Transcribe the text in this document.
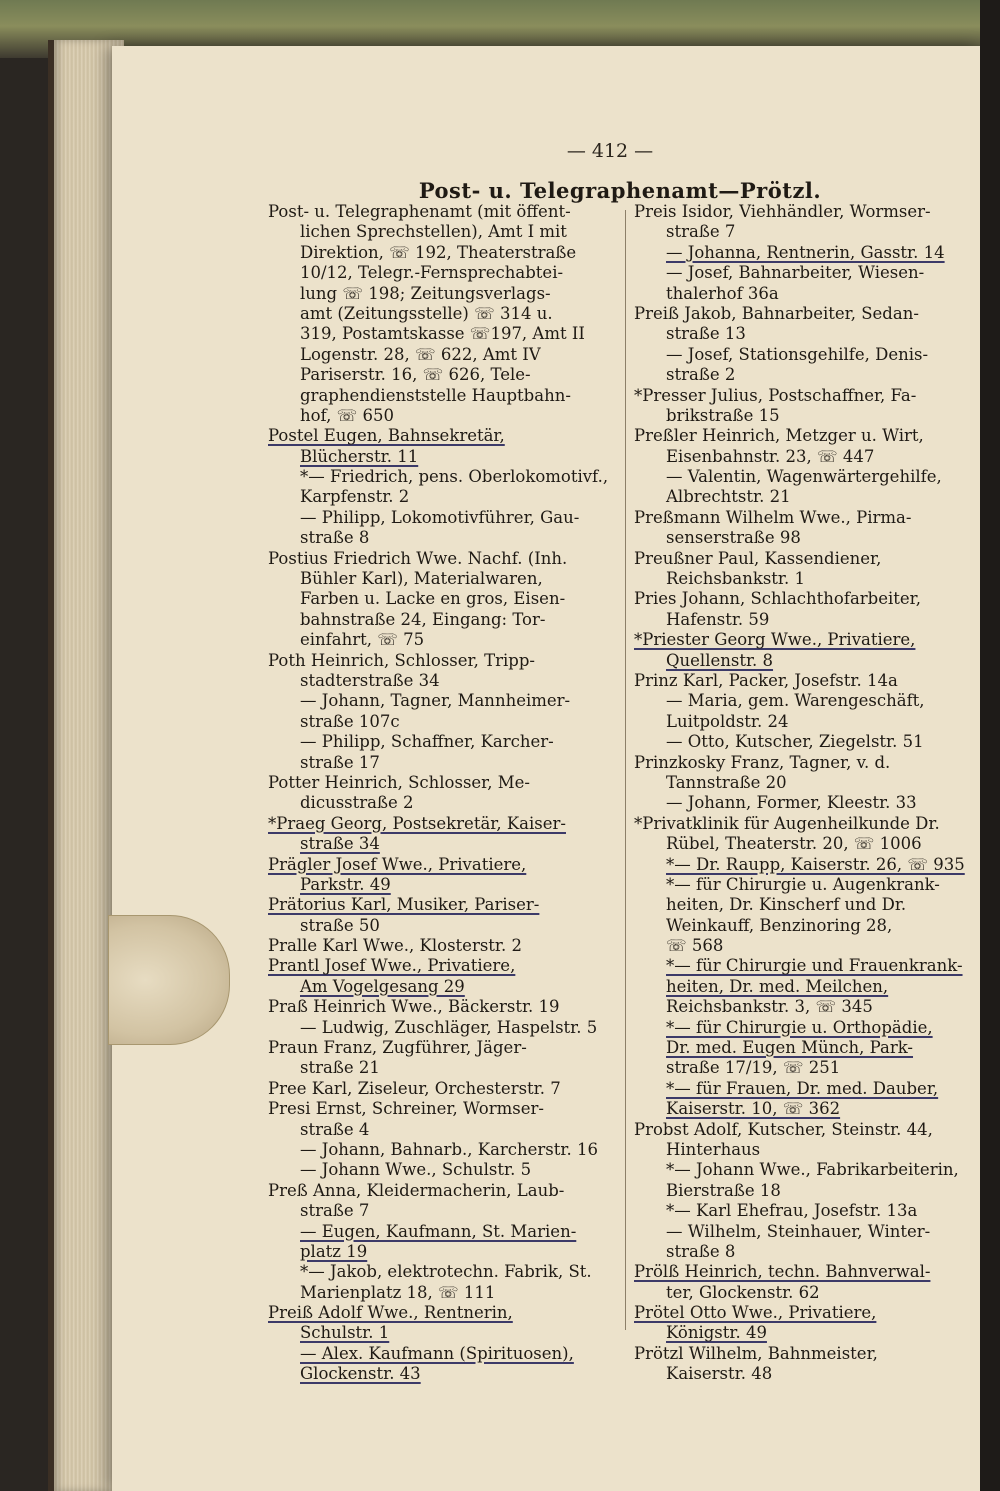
— 412 —
Post- u. Telegraphenamt—Prötzl.
Post- u. Telegraphenamt (mit öffent-
lichen Sprechstellen), Amt I mit
Direktion, ☏ 192, Theaterstraße
10/12, Telegr.-Fernsprechabtei-
lung ☏ 198; Zeitungsverlags-
amt (Zeitungsstelle) ☏ 314 u.
319, Postamtskasse ☏197, Amt II
Logenstr. 28, ☏ 622, Amt IV
Pariserstr. 16, ☏ 626, Tele-
graphendienststelle Hauptbahn-
hof, ☏ 650
Postel Eugen, Bahnsekretär,
Blücherstr. 11
*— Friedrich, pens. Oberlokomotivf.,
Karpfenstr. 2
— Philipp, Lokomotivführer, Gau-
straße 8
Postius Friedrich Wwe. Nachf. (Inh.
Bühler Karl), Materialwaren,
Farben u. Lacke en gros, Eisen-
bahnstraße 24, Eingang: Tor-
einfahrt, ☏ 75
Poth Heinrich, Schlosser, Tripp-
stadterstraße 34
— Johann, Tagner, Mannheimer-
straße 107c
— Philipp, Schaffner, Karcher-
straße 17
Potter Heinrich, Schlosser, Me-
dicusstraße 2
*Praeg Georg, Postsekretär, Kaiser-
straße 34
Prägler Josef Wwe., Privatiere,
Parkstr. 49
Prätorius Karl, Musiker, Pariser-
straße 50
Pralle Karl Wwe., Klosterstr. 2
Prantl Josef Wwe., Privatiere,
Am Vogelgesang 29
Praß Heinrich Wwe., Bäckerstr. 19
— Ludwig, Zuschläger, Haspelstr. 5
Praun Franz, Zugführer, Jäger-
straße 21
Pree Karl, Ziseleur, Orchesterstr. 7
Presi Ernst, Schreiner, Wormser-
straße 4
— Johann, Bahnarb., Karcherstr. 16
— Johann Wwe., Schulstr. 5
Preß Anna, Kleidermacherin, Laub-
straße 7
— Eugen, Kaufmann, St. Marien-
platz 19
*— Jakob, elektrotechn. Fabrik, St.
Marienplatz 18, ☏ 111
Preiß Adolf Wwe., Rentnerin,
Schulstr. 1
— Alex. Kaufmann (Spirituosen),
Glockenstr. 43
Preis Isidor, Viehhändler, Wormser-
straße 7
— Johanna, Rentnerin, Gasstr. 14
— Josef, Bahnarbeiter, Wiesen-
thalerhof 36a
Preiß Jakob, Bahnarbeiter, Sedan-
straße 13
— Josef, Stationsgehilfe, Denis-
straße 2
*Presser Julius, Postschaffner, Fa-
brikstraße 15
Preßler Heinrich, Metzger u. Wirt,
Eisenbahnstr. 23, ☏ 447
— Valentin, Wagenwärtergehilfe,
Albrechtstr. 21
Preßmann Wilhelm Wwe., Pirma-
senserstraße 98
Preußner Paul, Kassendiener,
Reichsbankstr. 1
Pries Johann, Schlachthofarbeiter,
Hafenstr. 59
*Priester Georg Wwe., Privatiere,
Quellenstr. 8
Prinz Karl, Packer, Josefstr. 14a
— Maria, gem. Warengeschäft,
Luitpoldstr. 24
— Otto, Kutscher, Ziegelstr. 51
Prinzkosky Franz, Tagner, v. d.
Tannstraße 20
— Johann, Former, Kleestr. 33
*Privatklinik für Augenheilkunde Dr.
Rübel, Theaterstr. 20, ☏ 1006
*— Dr. Raupp, Kaiserstr. 26, ☏ 935
*— für Chirurgie u. Augenkrank-
heiten, Dr. Kinscherf und Dr.
Weinkauff, Benzinoring 28,
☏ 568
*— für Chirurgie und Frauenkrank-
heiten, Dr. med. Meilchen,
Reichsbankstr. 3, ☏ 345
*— für Chirurgie u. Orthopädie,
Dr. med. Eugen Münch, Park-
straße 17/19, ☏ 251
*— für Frauen, Dr. med. Dauber,
Kaiserstr. 10, ☏ 362
Probst Adolf, Kutscher, Steinstr. 44,
Hinterhaus
*— Johann Wwe., Fabrikarbeiterin,
Bierstraße 18
*— Karl Ehefrau, Josefstr. 13a
— Wilhelm, Steinhauer, Winter-
straße 8
Prölß Heinrich, techn. Bahnverwal-
ter, Glockenstr. 62
Prötel Otto Wwe., Privatiere,
Königstr. 49
Prötzl Wilhelm, Bahnmeister,
Kaiserstr. 48
